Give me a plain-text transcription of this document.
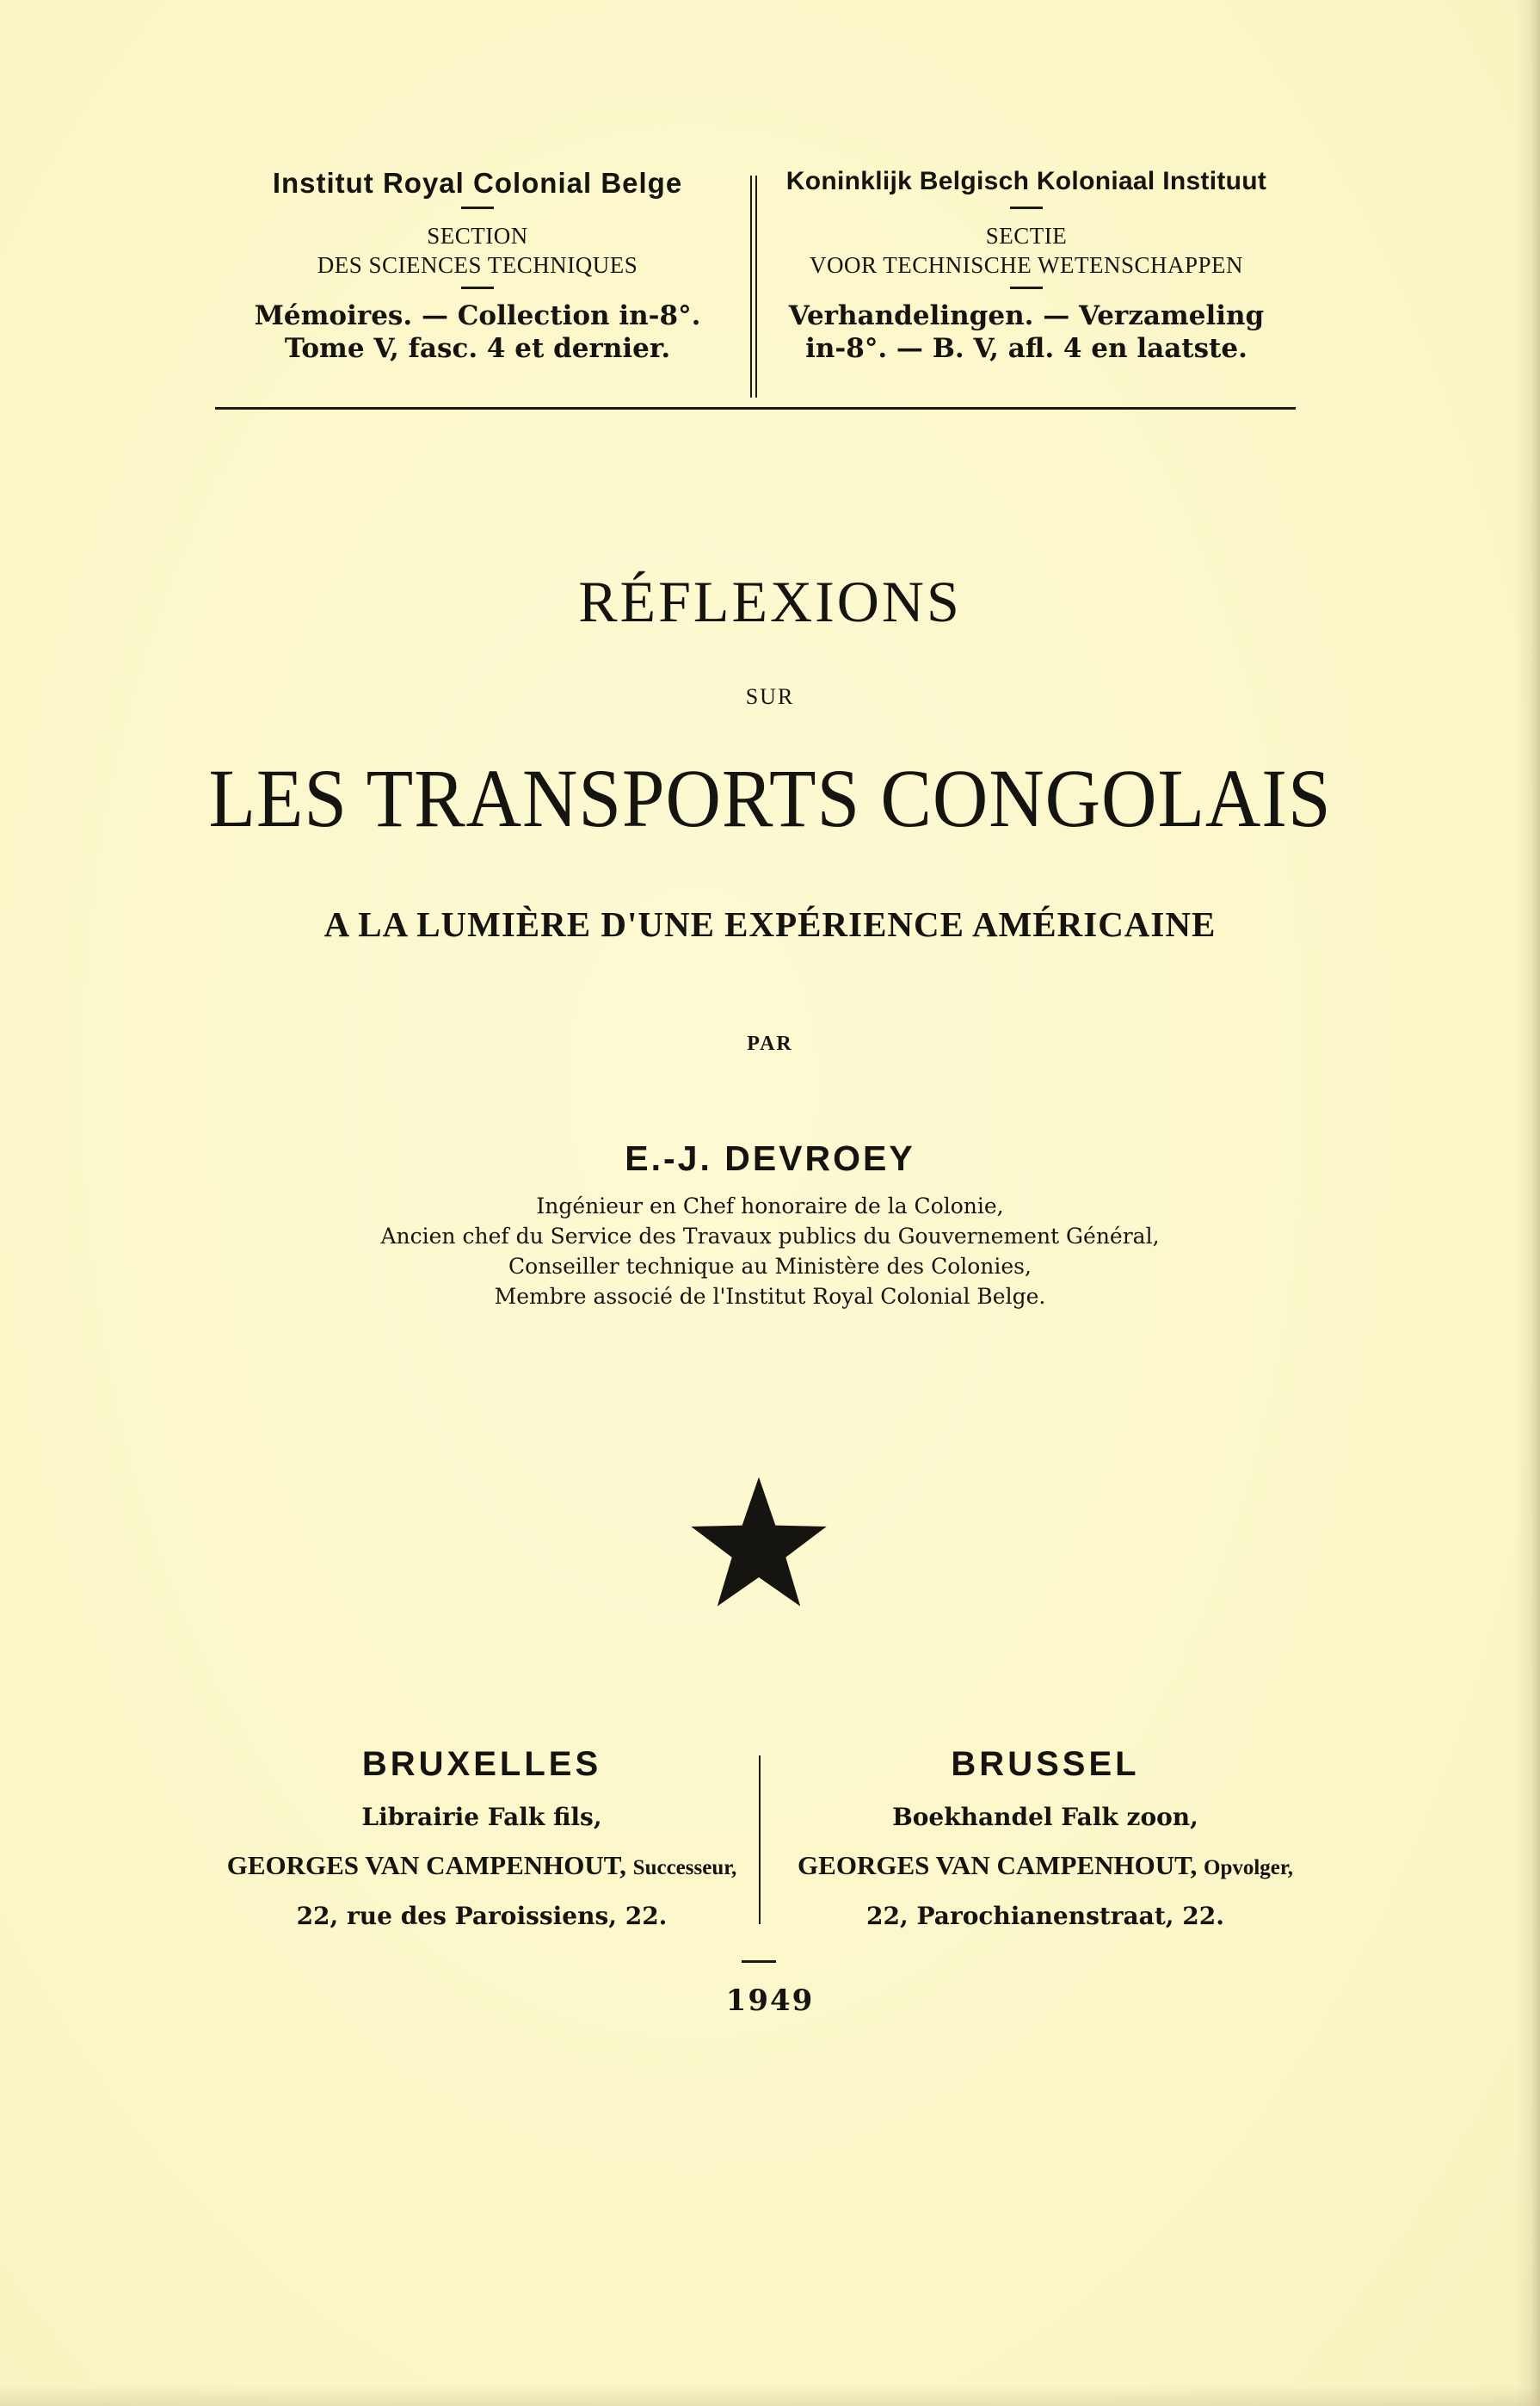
Institut Royal Colonial Belge
SECTION
DES SCIENCES TECHNIQUES
Mémoires. — Collection in-8°.
Tome V, fasc. 4 et dernier.
Koninklijk Belgisch Koloniaal Instituut
SECTIE
VOOR TECHNISCHE WETENSCHAPPEN
Verhandelingen. — Verzameling
in-8°. — B. V, afl. 4 en laatste.
RÉFLEXIONS
SUR
LES TRANSPORTS CONGOLAIS
A LA LUMIÈRE D'UNE EXPÉRIENCE AMÉRICAINE
PAR
E.-J. DEVROEY
Ingénieur en Chef honoraire de la Colonie,
Ancien chef du Service des Travaux publics du Gouvernement Général,
Conseiller technique au Ministère des Colonies,
Membre associé de l'Institut Royal Colonial Belge.
BRUXELLES
Librairie Falk fils,
GEORGES VAN CAMPENHOUT, Successeur,
22, rue des Paroissiens, 22.
BRUSSEL
Boekhandel Falk zoon,
GEORGES VAN CAMPENHOUT, Opvolger,
22, Parochianenstraat, 22.
1949
